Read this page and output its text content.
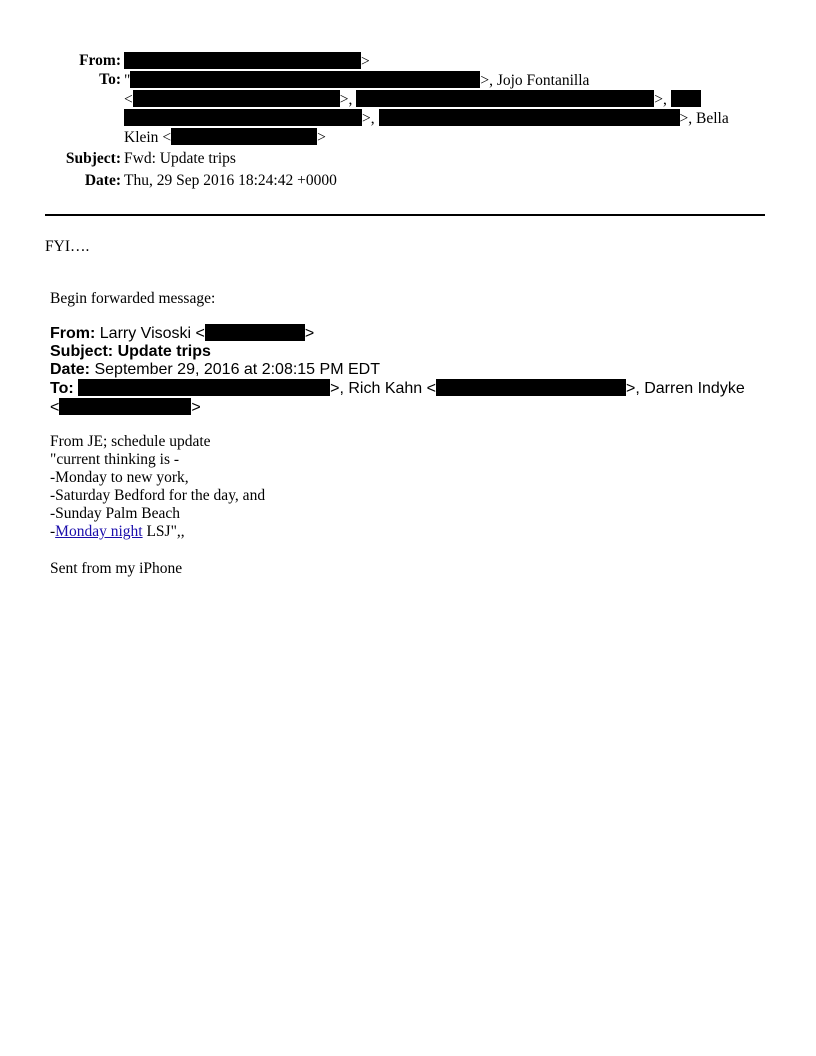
From:	>
To: "	>, Jojo Fontanilla
<	>,	>,
>,	>, Bella
Klein <	>
Subject: Fwd: Update trips
Date: Thu, 29 Sep 2016 18:24:42 +0000
FYI….
Begin forwarded message:
From: Larry Visoski <	>
Subject: Update trips
Date: September 29, 2016 at 2:08:15 PM EDT
To:	>, Rich Kahn <	>, Darren Indyke
<	>
From JE; schedule update
"current thinking is -
-Monday to new york,
-Saturday Bedford for the day, and
-Sunday Palm Beach
-Monday night LSJ",,
Sent from my iPhone
